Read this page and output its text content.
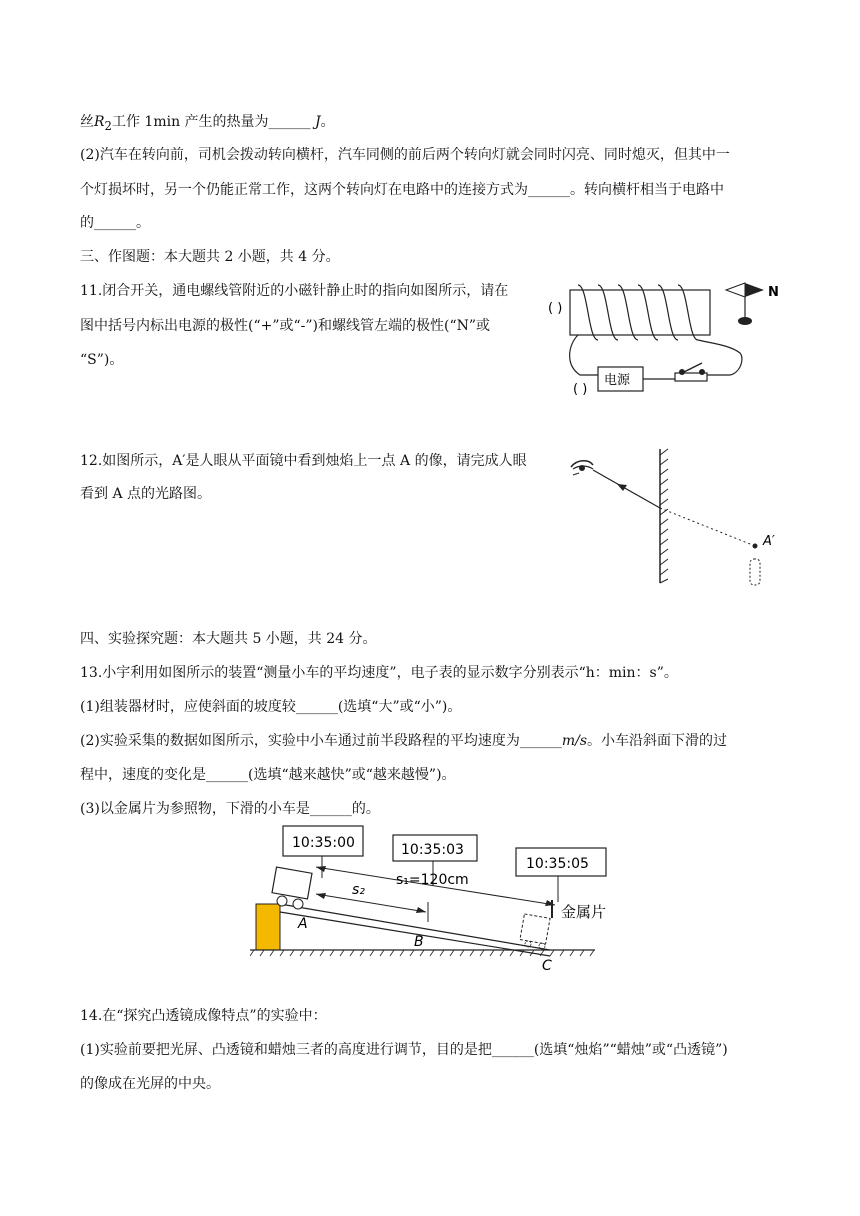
丝$R_2$工作 1min 产生的热量为______ J。
(2)汽车在转向前，司机会拨动转向横杆，汽车同侧的前后两个转向灯就会同时闪亮、同时熄灭，但其中一
个灯损坏时，另一个仍能正常工作，这两个转向灯在电路中的连接方式为______。转向横杆相当于电路中
的______。
三、作图题：本大题共 2 小题，共 4 分。
11.闭合开关，通电螺线管附近的小磁针静止时的指向如图所示，请在
图中括号内标出电源的极性(“+”或“-”)和螺线管左端的极性(“N”或
“S”)。
( )
电源
( )
N
12.如图所示，A′是人眼从平面镜中看到烛焰上一点 A 的像，请完成人眼
看到 A 点的光路图。
A′
四、实验探究题：本大题共 5 小题，共 24 分。
13.小宇利用如图所示的装置“测量小车的平均速度”，电子表的显示数字分别表示“h：min：s”。
(1)组装器材时，应使斜面的坡度较______(选填“大”或“小”)。
(2)实验采集的数据如图所示，实验中小车通过前半段路程的平均速度为______m/s。小车沿斜面下滑的过
程中，速度的变化是______(选填“越来越快”或“越来越慢”)。
(3)以金属片为参照物，下滑的小车是______的。
10:35:00	10:35:03
10:35:05
金属片
s₁=120cm
s₂
A
B
C
14.在“探究凸透镜成像特点”的实验中：
(1)实验前要把光屏、凸透镜和蜡烛三者的高度进行调节，目的是把______(选填“烛焰”“蜡烛”或“凸透镜”)
的像成在光屏的中央。
